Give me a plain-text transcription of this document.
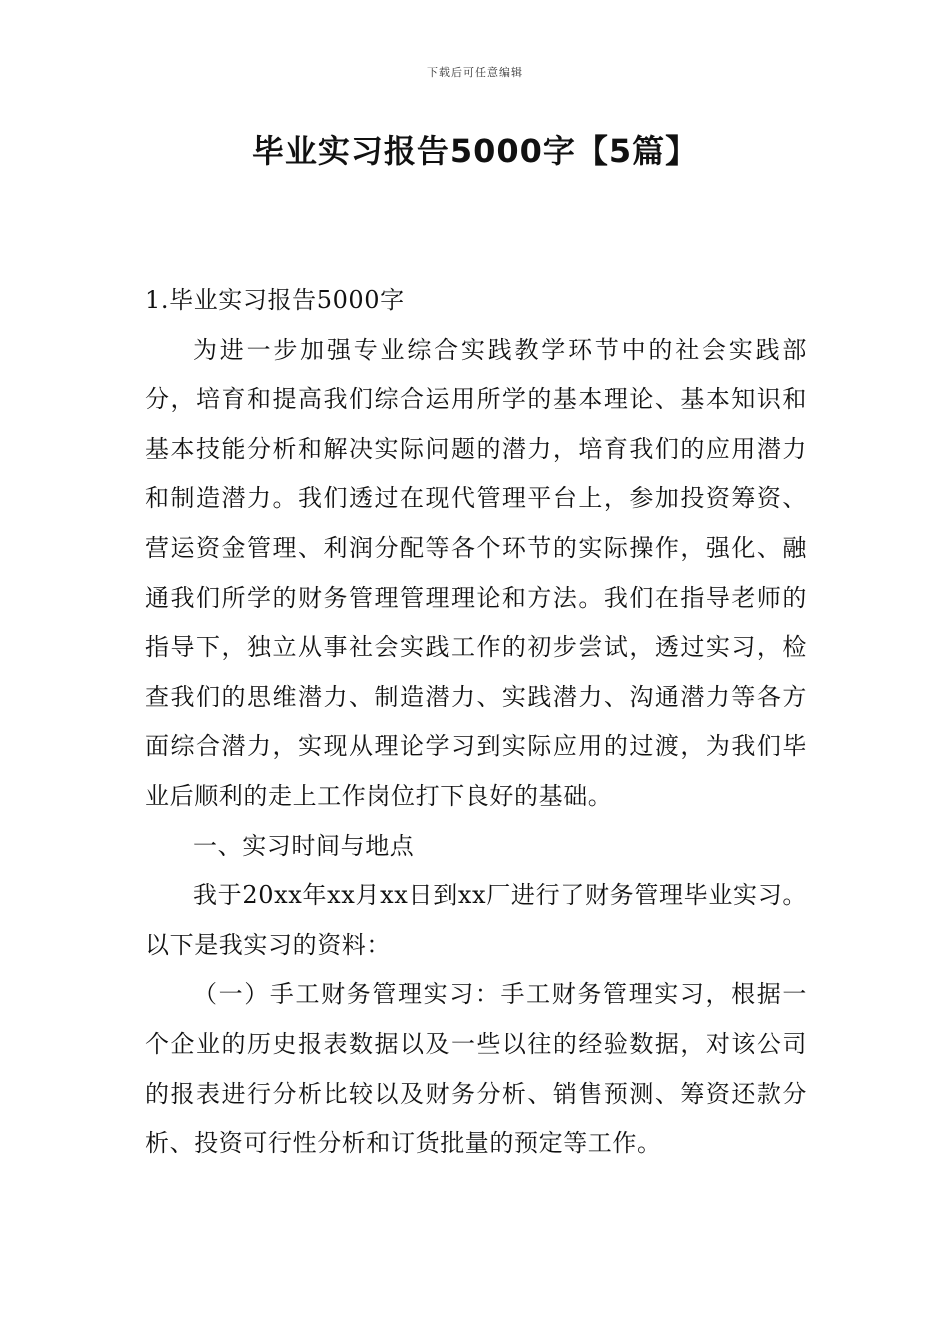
下载后可任意编辑
毕业实习报告5000字【5篇】

1.毕业实习报告5000字

为进一步加强专业综合实践教学环节中的社会实践部分，培育和提高我们综合运用所学的基本理论、基本知识和基本技能分析和解决实际问题的潜力，培育我们的应用潜力和制造潜力。我们透过在现代管理平台上，参加投资筹资、营运资金管理、利润分配等各个环节的实际操作，强化、融通我们所学的财务管理管理理论和方法。我们在指导老师的指导下，独立从事社会实践工作的初步尝试，透过实习，检查我们的思维潜力、制造潜力、实践潜力、沟通潜力等各方面综合潜力，实现从理论学习到实际应用的过渡，为我们毕业后顺利的走上工作岗位打下良好的基础。

一、实习时间与地点

我于20xx年xx月xx日到xx厂进行了财务管理毕业实习。以下是我实习的资料：

（一）手工财务管理实习：手工财务管理实习，根据一个企业的历史报表数据以及一些以往的经验数据，对该公司的报表进行分析比较以及财务分析、销售预测、筹资还款分析、投资可行性分析和订货批量的预定等工作。
